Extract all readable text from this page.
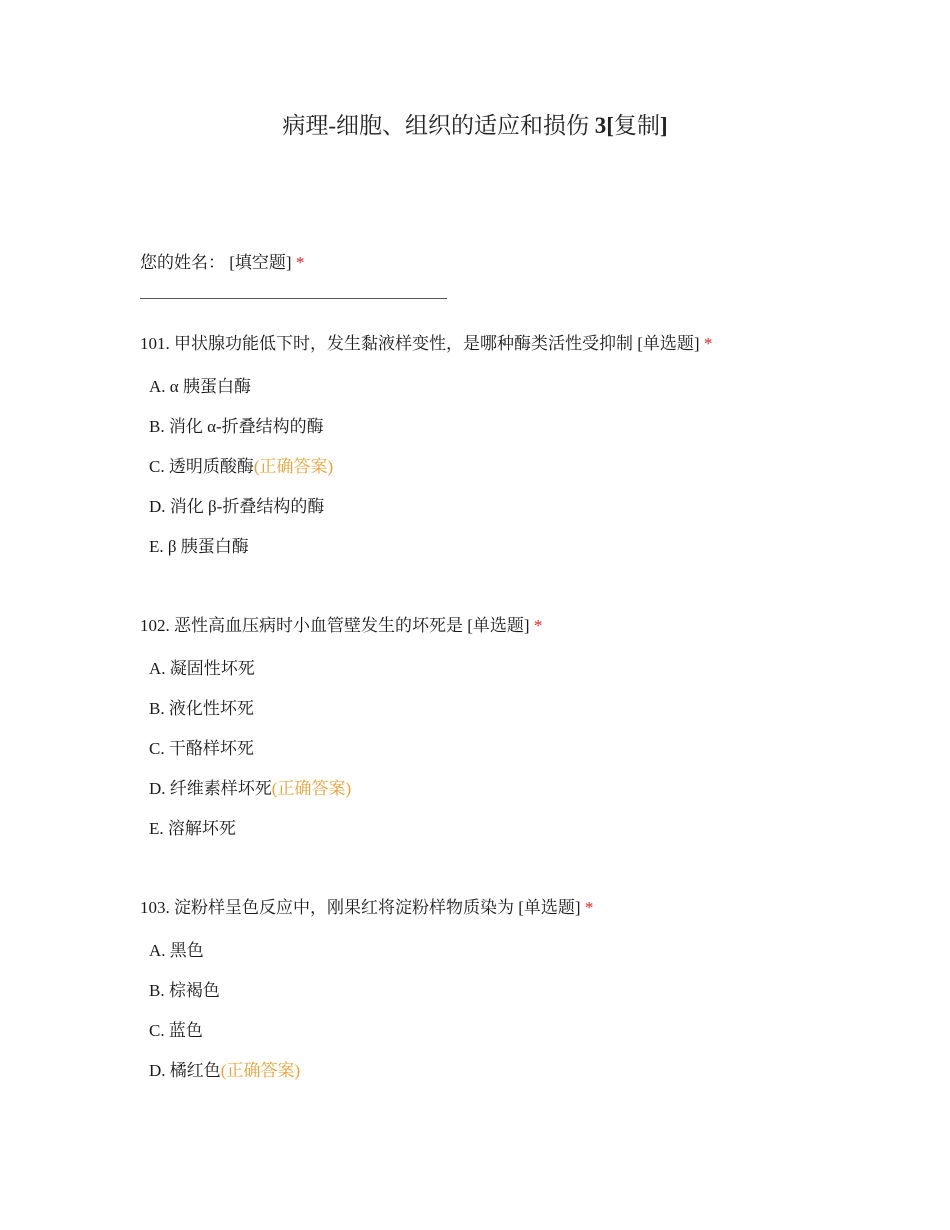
病理-细胞、组织的适应和损伤 3[复制]
您的姓名： [填空题] *
101. 甲状腺功能低下时，发生黏液样变性，是哪种酶类活性受抑制 [单选题] *
A. α 胰蛋白酶
B. 消化 α-折叠结构的酶
C. 透明质酸酶(正确答案)
D. 消化 β-折叠结构的酶
E. β 胰蛋白酶
102. 恶性高血压病时小血管壁发生的坏死是 [单选题] *
A. 凝固性坏死
B. 液化性坏死
C. 干酪样坏死
D. 纤维素样坏死(正确答案)
E. 溶解坏死
103. 淀粉样呈色反应中，刚果红将淀粉样物质染为 [单选题] *
A. 黑色
B. 棕褐色
C. 蓝色
D. 橘红色(正确答案)
